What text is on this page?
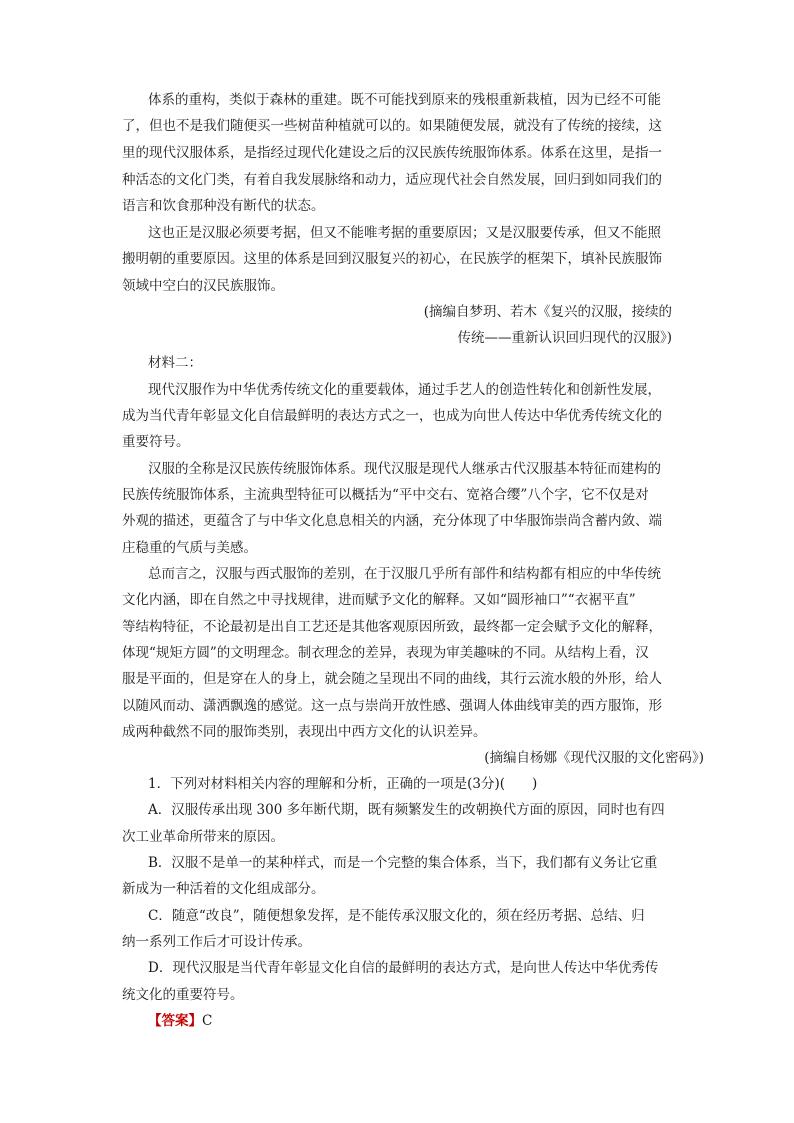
体系的重构，类似于森林的重建。既不可能找到原来的残根重新栽植，因为已经不可能
了，但也不是我们随便买一些树苗种植就可以的。如果随便发展，就没有了传统的接续，这
里的现代汉服体系，是指经过现代化建设之后的汉民族传统服饰体系。体系在这里，是指一
种活态的文化门类，有着自我发展脉络和动力，适应现代社会自然发展，回归到如同我们的
语言和饮食那种没有断代的状态。
这也正是汉服必须要考据，但又不能唯考据的重要原因；又是汉服要传承，但又不能照
搬明朝的重要原因。这里的体系是回到汉服复兴的初心，在民族学的框架下，填补民族服饰
领域中空白的汉民族服饰。
(摘编自梦玥、若木《复兴的汉服，接续的
传统——重新认识回归现代的汉服》)
材料二：
现代汉服作为中华优秀传统文化的重要载体，通过手艺人的创造性转化和创新性发展，
成为当代青年彰显文化自信最鲜明的表达方式之一，也成为向世人传达中华优秀传统文化的
重要符号。
汉服的全称是汉民族传统服饰体系。现代汉服是现代人继承古代汉服基本特征而建构的
民族传统服饰体系，主流典型特征可以概括为“平中交右、宽袼合缨”八个字，它不仅是对
外观的描述，更蕴含了与中华文化息息相关的内涵，充分体现了中华服饰崇尚含蓄内敛、端
庄稳重的气质与美感。
总而言之，汉服与西式服饰的差别，在于汉服几乎所有部件和结构都有相应的中华传统
文化内涵，即在自然之中寻找规律，进而赋予文化的解释。又如“圆形袖口”“衣裾平直”
等结构特征，不论最初是出自工艺还是其他客观原因所致，最终都一定会赋予文化的解释，
体现“规矩方圆”的文明理念。制衣理念的差异，表现为审美趣味的不同。从结构上看，汉
服是平面的，但是穿在人的身上，就会随之呈现出不同的曲线，其行云流水般的外形，给人
以随风而动、潇洒飘逸的感觉。这一点与崇尚开放性感、强调人体曲线审美的西方服饰，形
成两种截然不同的服饰类别，表现出中西方文化的认识差异。
(摘编自杨娜《现代汉服的文化密码》)
1．下列对材料相关内容的理解和分析，正确的一项是(3分)(　　)
A．汉服传承出现 300 多年断代期，既有频繁发生的改朝换代方面的原因，同时也有四
次工业革命所带来的原因。
B．汉服不是单一的某种样式，而是一个完整的集合体系，当下，我们都有义务让它重
新成为一种活着的文化组成部分。
C．随意“改良”，随便想象发挥，是不能传承汉服文化的，须在经历考据、总结、归
纳一系列工作后才可设计传承。
D．现代汉服是当代青年彰显文化自信的最鲜明的表达方式，是向世人传达中华优秀传
统文化的重要符号。
【答案】C
